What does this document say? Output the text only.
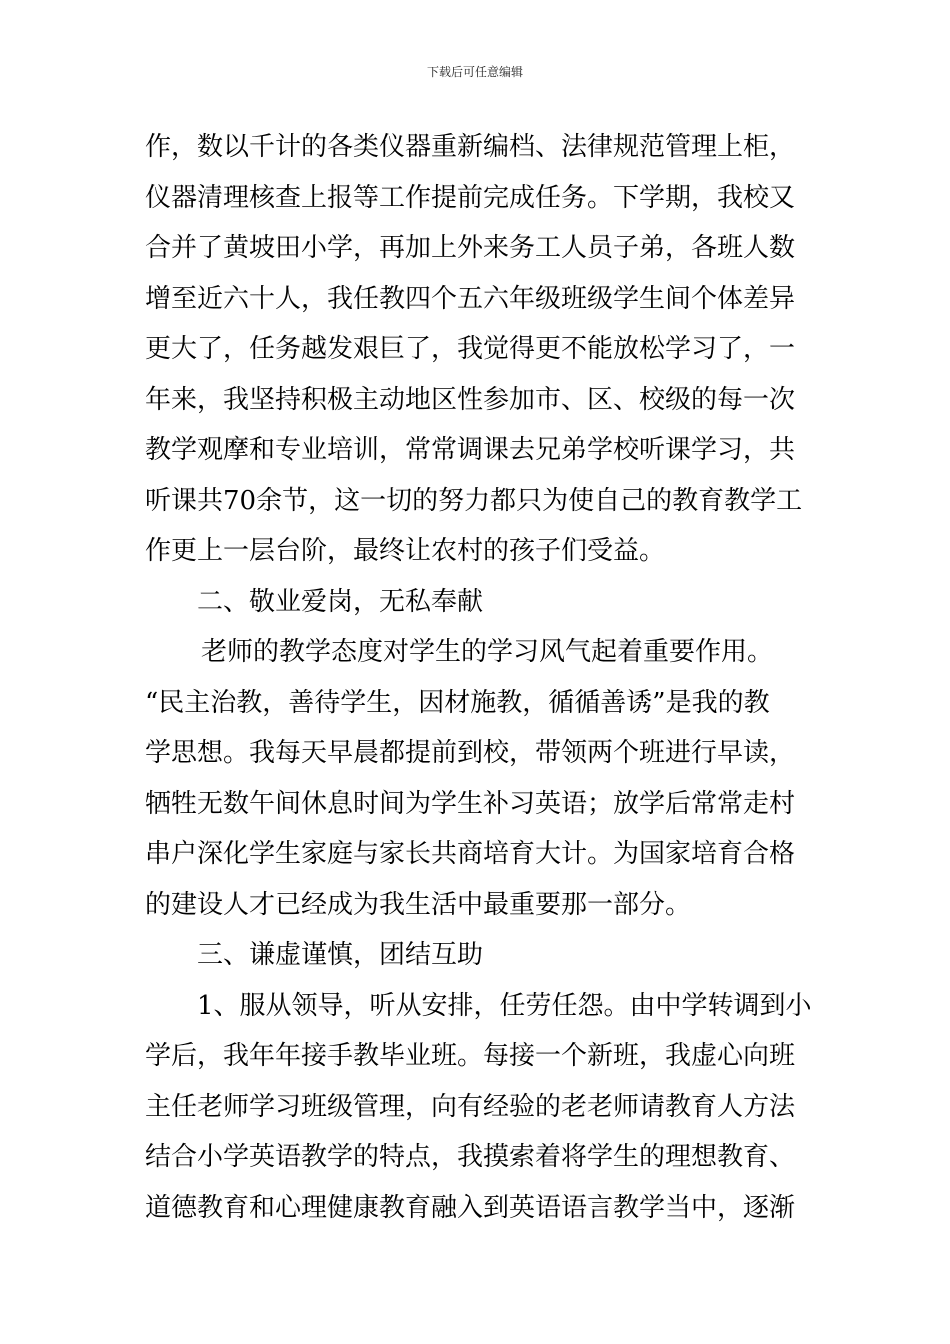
下载后可任意编辑
作，数以千计的各类仪器重新编档、法律规范管理上柜，
仪器清理核查上报等工作提前完成任务。下学期，我校又
合并了黄坡田小学，再加上外来务工人员子弟，各班人数
增至近六十人，我任教四个五六年级班级学生间个体差异
更大了，任务越发艰巨了，我觉得更不能放松学习了，一
年来，我坚持积极主动地区性参加市、区、校级的每一次
教学观摩和专业培训，常常调课去兄弟学校听课学习，共
听课共70余节，这一切的努力都只为使自己的教育教学工
作更上一层台阶，最终让农村的孩子们受益。
二、敬业爱岗，无私奉献
老师的教学态度对学生的学习风气起着重要作用。
“民主治教，善待学生，因材施教，循循善诱”是我的教
学思想。我每天早晨都提前到校，带领两个班进行早读，
牺牲无数午间休息时间为学生补习英语；放学后常常走村
串户深化学生家庭与家长共商培育大计。为国家培育合格
的建设人才已经成为我生活中最重要那一部分。
三、谦虚谨慎，团结互助
1、服从领导，听从安排，任劳任怨。由中学转调到小
学后，我年年接手教毕业班。每接一个新班，我虚心向班
主任老师学习班级管理，向有经验的老老师请教育人方法
结合小学英语教学的特点，我摸索着将学生的理想教育、
道德教育和心理健康教育融入到英语语言教学当中，逐渐
